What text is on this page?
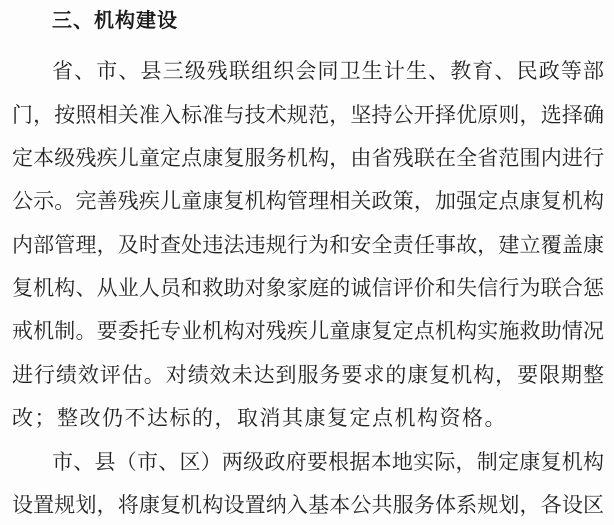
三、机构建设

省、市、县三级残联组织会同卫生计生、教育、民政等部

门，按照相关准入标准与技术规范，坚持公开择优原则，选择确

定本级残疾儿童定点康复服务机构，由省残联在全省范围内进行

公示。完善残疾儿童康复机构管理相关政策，加强定点康复机构

内部管理，及时查处违法违规行为和安全责任事故，建立覆盖康

复机构、从业人员和救助对象家庭的诚信评价和失信行为联合惩

戒机制。要委托专业机构对残疾儿童康复定点机构实施救助情况

进行绩效评估。对绩效未达到服务要求的康复机构，要限期整

改；整改仍不达标的，取消其康复定点机构资格。

市、县（市、区）两级政府要根据本地实际，制定康复机构

设置规划，将康复机构设置纳入基本公共服务体系规划，各设区
